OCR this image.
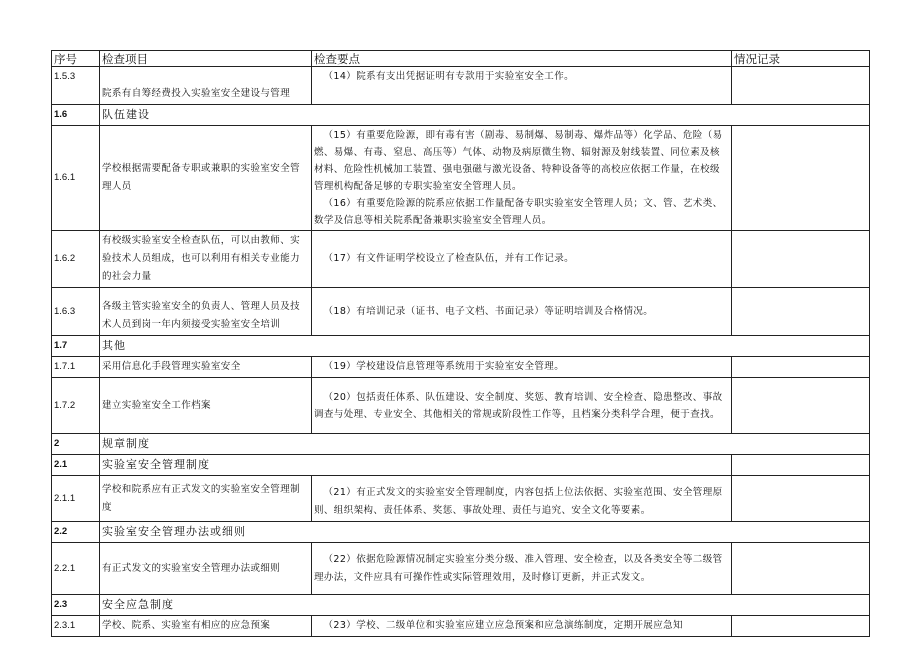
序号	检查项目	检查要点	情况记录
1.5.3	院系有自筹经费投入实验室安全建设与管理	（14）院系有支出凭据证明有专款用于实验室安全工作。	

1.6	队伍建设		
1.6.1	学校根据需要配备专职或兼职的实验室安全管理人员	（15）有重要危险源，即有毒有害（剧毒、易制爆、易制毒、爆炸品等）化学品、危险（易燃、易爆、有毒、窒息、高压等）气体、动物及病原微生物、辐射源及射线装置、同位素及核材料、危险性机械加工装置、强电强磁与激光设备、特种设备等的高校应依据工作量，在校级管理机构配备足够的专职实验室安全管理人员。
（16）有重要危险源的院系应依据工作量配备专职实验室安全管理人员；文、管、艺术类、数学及信息等相关院系配备兼职实验室安全管理人员。	

1.6.2	有校级实验室安全检查队伍，可以由教师、实验技术人员组成，也可以利用有相关专业能力的社会力量	（17）有文件证明学校设立了检查队伍，并有工作记录。	

1.6.3	各级主管实验室安全的负责人、管理人员及技术人员到岗一年内须接受实验室安全培训	（18）有培训记录（证书、电子文档、书面记录）等证明培训及合格情况。	

1.7	其他		
1.7.1	采用信息化手段管理实验室安全	（19）学校建设信息管理等系统用于实验室安全管理。	

1.7.2	建立实验室安全工作档案	（20）包括责任体系、队伍建设、安全制度、奖惩、教育培训、安全检查、隐患整改、事故调查与处理、专业安全、其他相关的常规或阶段性工作等，且档案分类科学合理，便于查找。	

2	规章制度		
2.1	实验室安全管理制度		
2.1.1	学校和院系应有正式发文的实验室安全管理制度	（21）有正式发文的实验室安全管理制度，内容包括上位法依据、实验室范围、安全管理原则、组织架构、责任体系、奖惩、事故处理、责任与追究、安全文化等要素。	

2.2	实验室安全管理办法或细则		
2.2.1	有正式发文的实验室安全管理办法或细则	（22）依据危险源情况制定实验室分类分级、准入管理、安全检查，以及各类安全等二级管理办法，文件应具有可操作性或实际管理效用，及时修订更新，并正式发文。	

2.3	安全应急制度		
2.3.1	学校、院系、实验室有相应的应急预案	（23）学校、二级单位和实验室应建立应急预案和应急演练制度，定期开展应急知	
